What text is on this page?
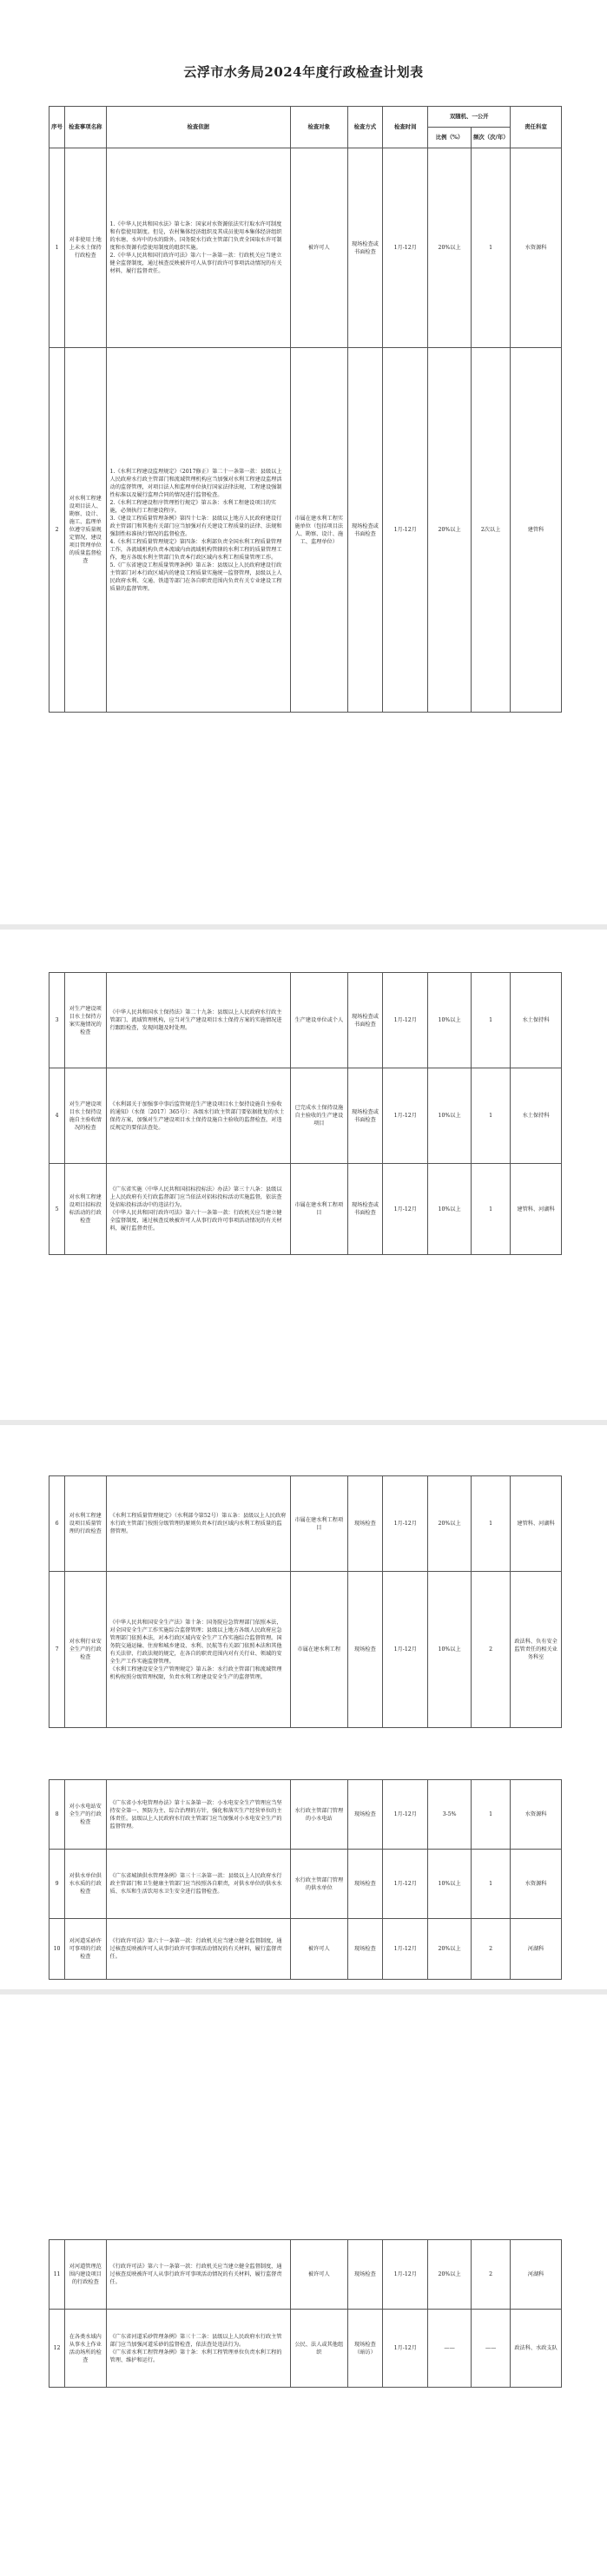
云浮市水务局2024年度行政检查计划表
序号	检查事项名称	检查依据	检查对象	检查方式	检查时间	双随机、一公开		责任科室
						比例（%）	频次（次/年）	
1	对非使用土地上未水土保持行政检查	1.《中华人民共和国水法》第七条：国家对水资源依法实行取水许可制度和有偿使用制度。但是，农村集体经济组织及其成员使用本集体经济组织的水塘、水库中的水的除外。国务院水行政主管部门负责全国取水许可制度和水资源有偿使用制度的组织实施。

2.《中华人民共和国行政许可法》第六十一条第一款：行政机关应当建立健全监督制度，通过核查反映被许可人从事行政许可事项活动情况的有关材料，履行监督责任。	被许可人	现场检查或书面检查	1月-12月	20%以上	1	水资源科
2	对水利工程建设项目法人、勘察、设计、施工、监理单位遵守质量规定情况、建设项目管理单位的质量监督检查	1.《水利工程建设监理规定》（2017修正）第二十一条第一款：县级以上人民政府水行政主管部门和流域管理机构应当加强对水利工程建设监理活动的监督管理，对项目法人和监理单位执行国家法律法规、工程建设强制性标准以及履行监理合同的情况进行监督检查。

2.《水利工程建设程序管理暂行规定》第五条：水利工程建设项目的实施，必须执行工程建设程序。

3.《建设工程质量管理条例》第四十七条：县级以上地方人民政府建设行政主管部门和其他有关部门应当加强对有关建设工程质量的法律、法规和强制性标准执行情况的监督检查。

4.《水利工程质量管理规定》第四条：水利部负责全国水利工程质量管理工作，各流域机构负责本流域内由流域机构管辖的水利工程的质量管理工作，地方各级水利主管部门负责本行政区域内水利工程质量管理工作。

5.《广东省建设工程质量管理条例》第五条：县级以上人民政府建设行政主管部门对本行政区域内的建设工程质量实施统一监督管理，县级以上人民政府水利、交通、铁道等部门在各自职责范围内负责有关专业建设工程质量的监督管理。	市属在建水利工程实施单位（包括项目法人、勘察、设计、施工、监理单位）	现场检查或书面检查	1月-12月	20%以上	2次以上	建管科
3	对生产建设项目水土保持方案实施情况的检查	《中华人民共和国水土保持法》第二十九条：县级以上人民政府水行政主管部门、流域管理机构，应当对生产建设项目水土保持方案的实施情况进行跟踪检查，发现问题及时处理。	生产建设单位或个人	现场检查或书面检查	1月-12月	10%以上	1	水土保持科
4	对生产建设项目水土保持设施自主验收情况的检查	《水利部关于加强事中事后监管规范生产建设项目水土保持设施自主验收的通知》（水保〔2017〕365号）：各级水行政主管部门要依据批复的水土保持方案，加强对生产建设项目水土保持设施自主验收的监督检查，对违反规定的要依法查处。	已完成水土保持设施自主验收的生产建设项目	现场检查或书面检查	1月-12月	10%以上	1	水土保持科
5	对水利工程建设项目招标投标活动的行政检查	《广东省实施〈中华人民共和国招标投标法〉办法》第三十八条：县级以上人民政府有关行政监督部门应当依法对招标投标活动实施监督，依法查处招标投标活动中的违法行为。

《中华人民共和国行政许可法》第六十一条第一款：行政机关应当建立健全监督制度，通过核查反映被许可人从事行政许可事项活动情况的有关材料，履行监督责任。	市属在建水利工程项目	现场检查或书面检查	1月-12月	10%以上	1	建管科、河湖科
6	对水利工程建设项目质量管理的行政检查	《水利工程质量管理规定》（水利部令第52号）第五条：县级以上人民政府水行政主管部门按照分级管理的原则负责本行政区域内水利工程质量的监督管理。	市属在建水利工程项目	现场检查	1月-12月	20%以上	1	建管科、河湖科
7	对水利行业安全生产的行政检查	《中华人民共和国安全生产法》第十条：国务院应急管理部门依照本法，对全国安全生产工作实施综合监督管理；县级以上地方各级人民政府应急管理部门依照本法，对本行政区域内安全生产工作实施综合监督管理。国务院交通运输、住房和城乡建设、水利、民航等有关部门依照本法和其他有关法律、行政法规的规定，在各自的职责范围内对有关行业、领域的安全生产工作实施监督管理。

《水利工程建设安全生产管理规定》第五条：水行政主管部门和流域管理机构按照分级管理权限，负责水利工程建设安全生产的监督管理。	市属在建水利工程	现场检查	1月-12月	10%以上	2	政法科、负有安全监管责任的相关业务科室
8	对小水电站安全生产的行政检查	《广东省小水电管理办法》第十五条第一款：小水电安全生产管理应当坚持安全第一、预防为主、综合治理的方针，强化和落实生产经营单位的主体责任。县级以上人民政府水行政主管部门应当加强对小水电安全生产的监督管理。	水行政主管部门管理的小水电站	现场检查	1月-12月	3-5%	1	水资源科
9	对供水单位供水水质的行政检查	《广东省城镇供水管理条例》第三十三条第一款：县级以上人民政府水行政主管部门和卫生健康主管部门应当按照各自职责，对供水单位的供水水质、水压和生活饮用水卫生安全进行监督检查。	水行政主管部门管理的供水单位	现场检查	1月-12月	10%以上	1	水资源科
10	对河道采砂许可事项的行政检查	《行政许可法》第六十一条第一款：行政机关应当建立健全监督制度，通过核查反映被许可人从事行政许可事项活动情况的有关材料，履行监督责任。	被许可人	现场检查	1月-12月	20%以上	2	河湖科
11	对河道管理范围内建设项目的行政检查	《行政许可法》第六十一条第一款：行政机关应当建立健全监督制度，通过核查反映被许可人从事行政许可事项活动情况的有关材料，履行监督责任。	被许可人	现场检查	1月-12月	20%以上	2	河湖科
12	在各类水域内从事水上作业活动场所的检查	《广东省河道采砂管理条例》第三十二条：县级以上人民政府水行政主管部门应当加强河道采砂的监督检查，依法查处违法行为。

《广东省水利工程管理条例》第十条：水利工程管理单位负责水利工程的管理、维护和运行。	公民、法人或其他组织	现场检查（暗访）	1月-12月	——	——	政法科、水政支队
